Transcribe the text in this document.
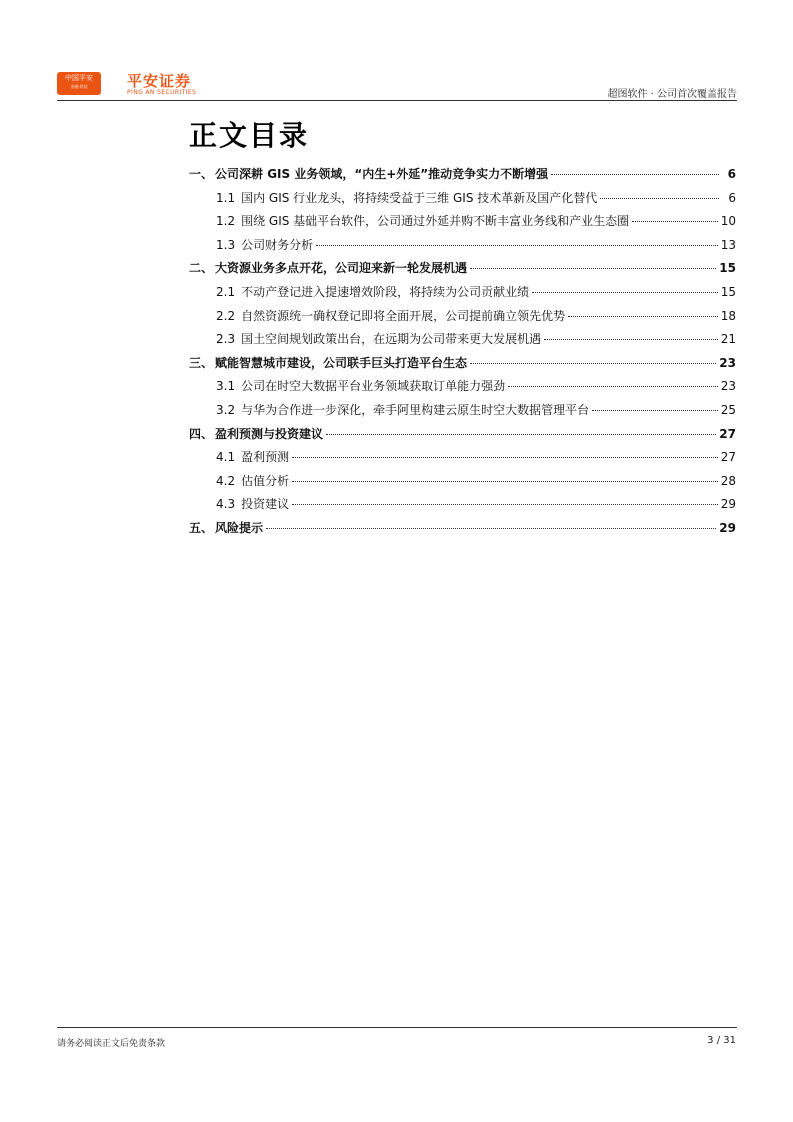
中国平安
金融·科技	平安证券
PING AN SECURITIES	超图软件 · 公司首次覆盖报告
正文目录
一、 公司深耕 GIS 业务领域，“内生+外延”推动竞争实力不断增强	6
1.1 国内 GIS 行业龙头，将持续受益于三维 GIS 技术革新及国产化替代	6
1.2 围绕 GIS 基础平台软件，公司通过外延并购不断丰富业务线和产业生态圈	10
1.3 公司财务分析	13
二、 大资源业务多点开花，公司迎来新一轮发展机遇	15
2.1 不动产登记进入提速增效阶段，将持续为公司贡献业绩	15
2.2 自然资源统一确权登记即将全面开展，公司提前确立领先优势	18
2.3 国土空间规划政策出台，在远期为公司带来更大发展机遇	21
三、 赋能智慧城市建设，公司联手巨头打造平台生态	23
3.1 公司在时空大数据平台业务领域获取订单能力强劲	23
3.2 与华为合作进一步深化，牵手阿里构建云原生时空大数据管理平台	25
四、 盈利预测与投资建议	27
4.1 盈利预测	27
4.2 估值分析	28
4.3 投资建议	29
五、 风险提示	29
请务必阅读正文后免责条款	3 / 31
